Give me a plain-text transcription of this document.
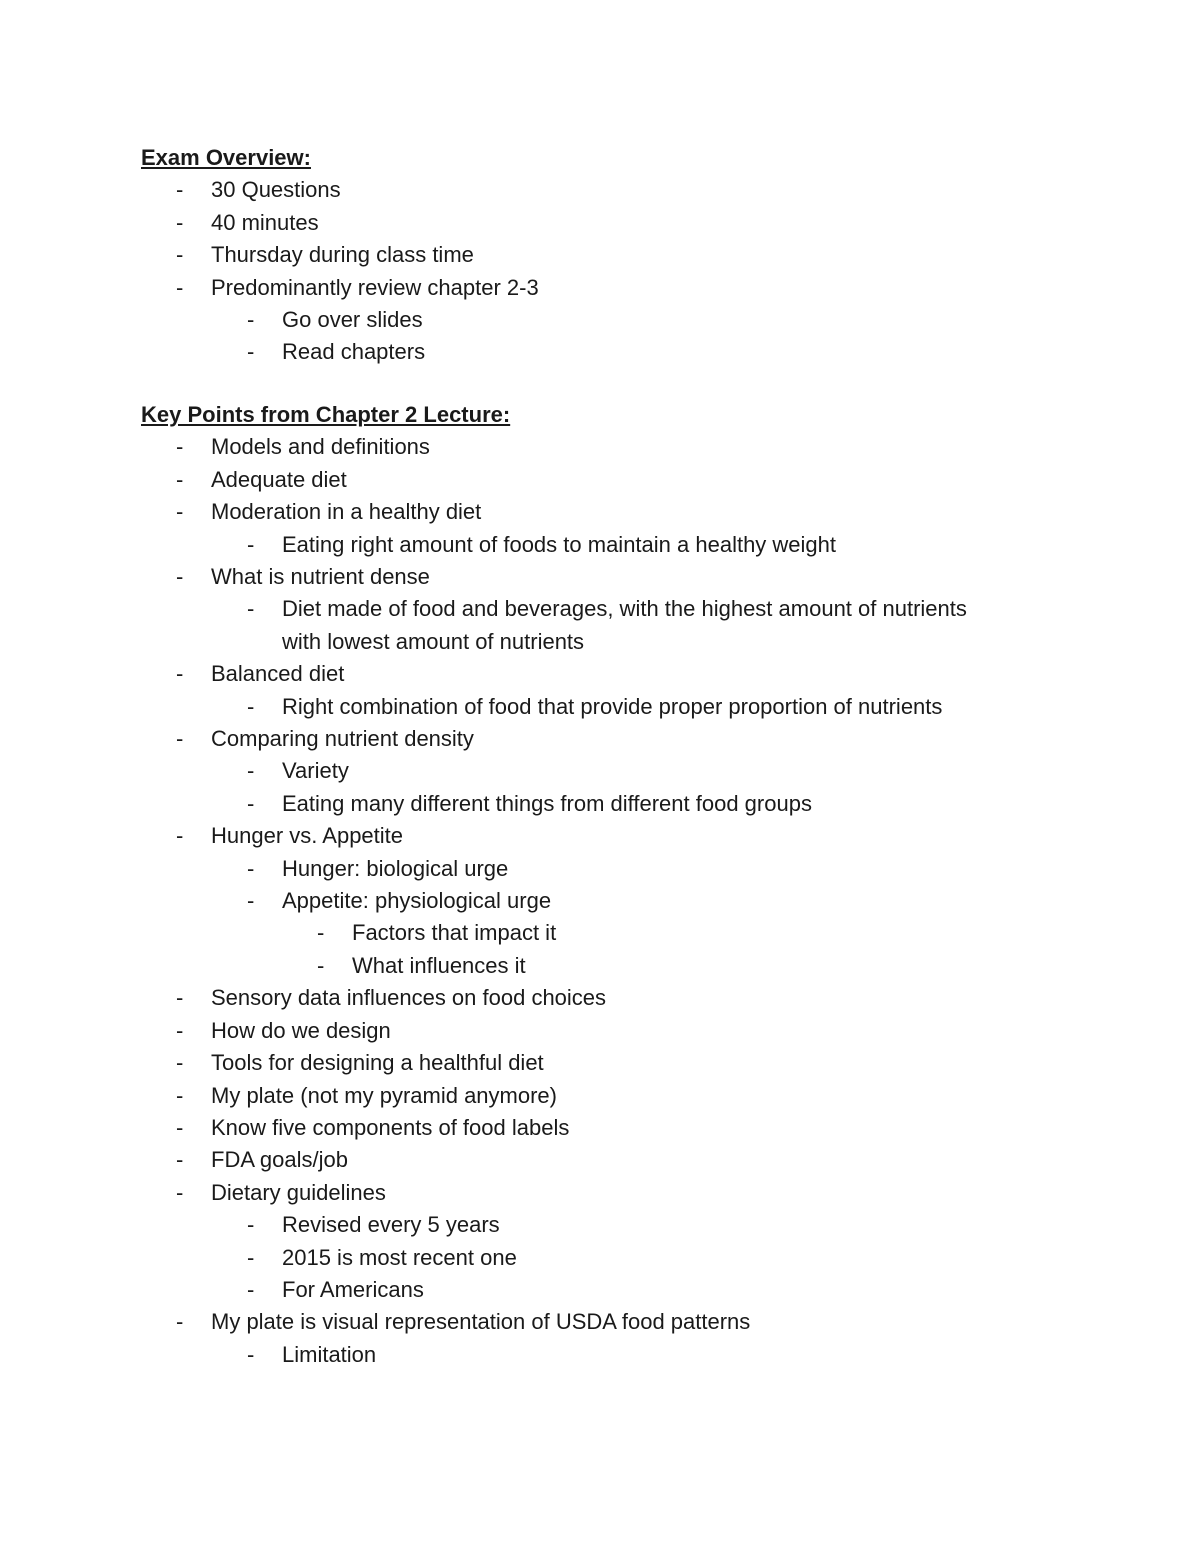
Exam Overview:
- 30 Questions
- 40 minutes
- Thursday during class time
- Predominantly review chapter 2-3
- Go over slides
- Read chapters
Key Points from Chapter 2 Lecture:
- Models and definitions
- Adequate diet
- Moderation in a healthy diet
- Eating right amount of foods to maintain a healthy weight
- What is nutrient dense
- Diet made of food and beverages, with the highest amount of nutrients with lowest amount of nutrients
- Balanced diet
- Right combination of food that provide proper proportion of nutrients
- Comparing nutrient density
- Variety
- Eating many different things from different food groups
- Hunger vs. Appetite
- Hunger: biological urge
- Appetite: physiological urge
- Factors that impact it
- What influences it
- Sensory data influences on food choices
- How do we design
- Tools for designing a healthful diet
- My plate (not my pyramid anymore)
- Know five components of food labels
- FDA goals/job
- Dietary guidelines
- Revised every 5 years
- 2015 is most recent one
- For Americans
- My plate is visual representation of USDA food patterns
- Limitation
